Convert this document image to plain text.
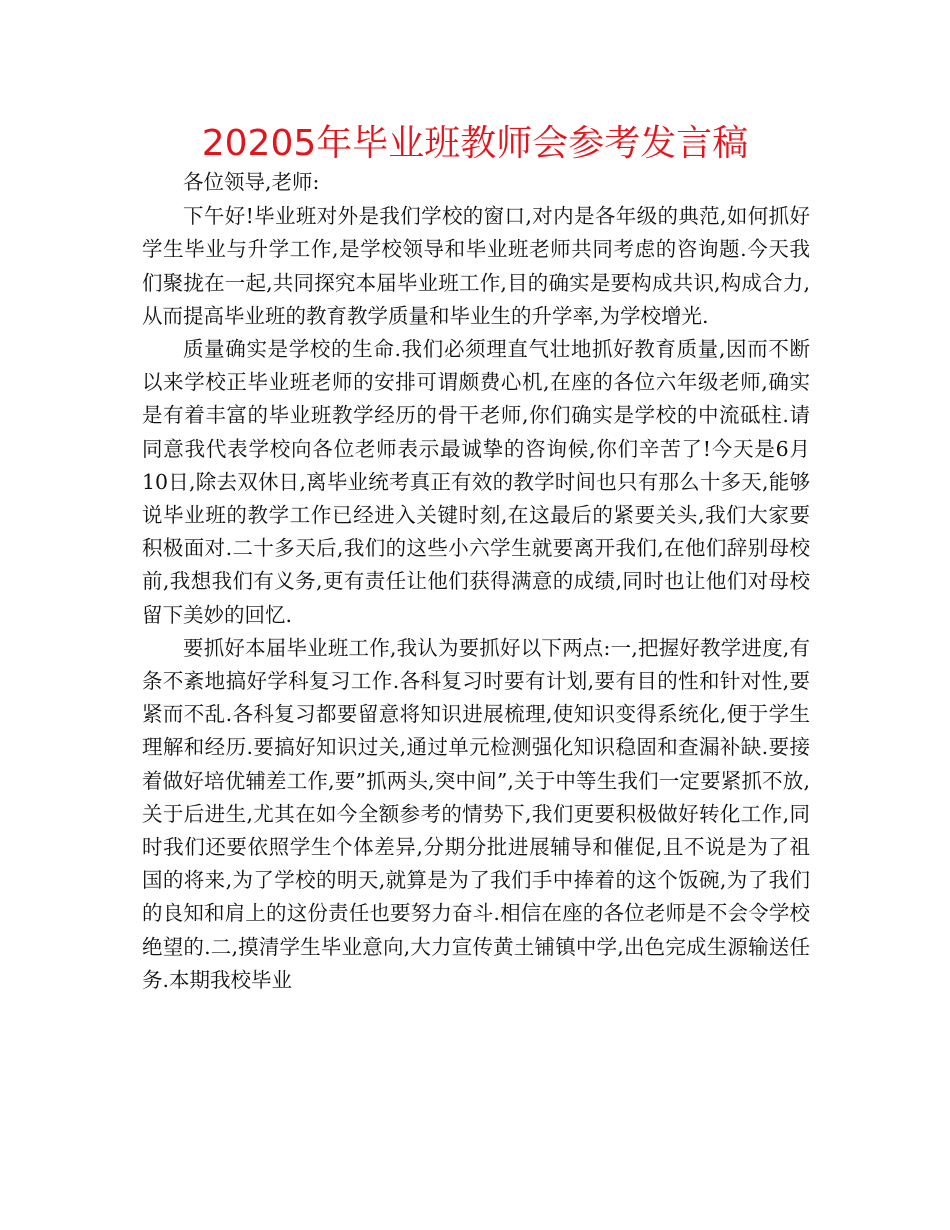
20205年毕业班教师会参考发言稿

各位领导,老师:

下午好!毕业班对外是我们学校的窗口,对内是各年级的典范,如何抓好学生毕业与升学工作,是学校领导和毕业班老师共同考虑的咨询题.今天我们聚拢在一起,共同探究本届毕业班工作,目的确实是要构成共识,构成合力,从而提高毕业班的教育教学质量和毕业生的升学率,为学校增光.

质量确实是学校的生命.我们必须理直气壮地抓好教育质量,因而不断以来学校正毕业班老师的安排可谓颇费心机,在座的各位六年级老师,确实是有着丰富的毕业班教学经历的骨干老师,你们确实是学校的中流砥柱.请同意我代表学校向各位老师表示最诚挚的咨询候,你们辛苦了!今天是6月10日,除去双休日,离毕业统考真正有效的教学时间也只有那么十多天,能够说毕业班的教学工作已经进入关键时刻,在这最后的紧要关头,我们大家要积极面对.二十多天后,我们的这些小六学生就要离开我们,在他们辞别母校前,我想我们有义务,更有责任让他们获得满意的成绩,同时也让他们对母校留下美妙的回忆.

要抓好本届毕业班工作,我认为要抓好以下两点:一,把握好教学进度,有条不紊地搞好学科复习工作.各科复习时要有计划,要有目的性和针对性,要紧而不乱.各科复习都要留意将知识进展梳理,使知识变得系统化,便于学生理解和经历.要搞好知识过关,通过单元检测强化知识稳固和查漏补缺.要接着做好培优辅差工作,要”抓两头,突中间”,关于中等生我们一定要紧抓不放,关于后进生,尤其在如今全额参考的情势下,我们更要积极做好转化工作,同时我们还要依照学生个体差异,分期分批进展辅导和催促,且不说是为了祖国的将来,为了学校的明天,就算是为了我们手中捧着的这个饭碗,为了我们的良知和肩上的这份责任也要努力奋斗.相信在座的各位老师是不会令学校绝望的.二,摸清学生毕业意向,大力宣传黄土铺镇中学,出色完成生源输送任务.本期我校毕业
